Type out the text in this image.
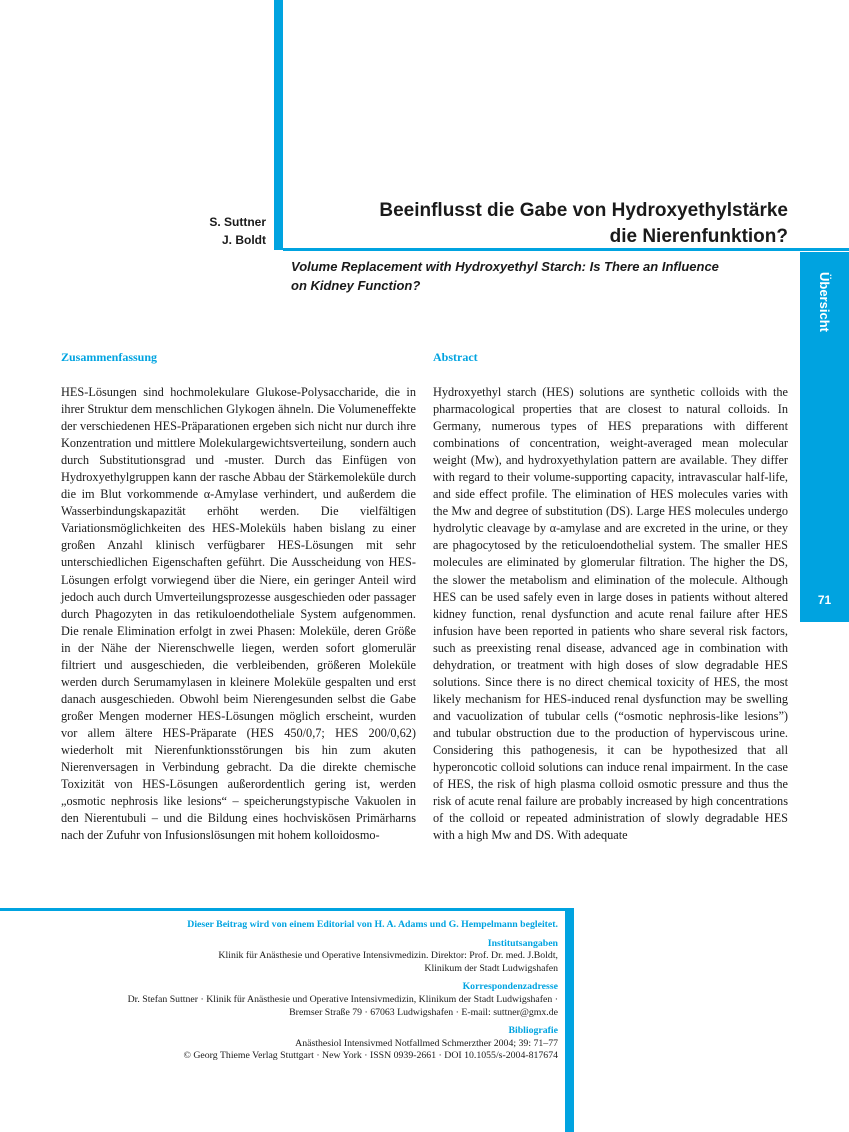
S. Suttner
J. Boldt
Beeinflusst die Gabe von Hydroxyethylstärke
die Nierenfunktion?
Volume Replacement with Hydroxyethyl Starch: Is There an Influence
on Kidney Function?	Übersicht
71
Zusammenfassung	Abstract

HES-Lösungen sind hochmolekulare Glukose-Polysaccharide, die in ihrer Struktur dem menschlichen Glykogen ähneln. Die Volumeneffekte der verschiedenen HES-Präparationen ergeben sich nicht nur durch ihre Konzentration und mittlere Molekulargewichtsverteilung, sondern auch durch Substitutionsgrad und -muster. Durch das Einfügen von Hydroxyethylgruppen kann der rasche Abbau der Stärkemoleküle durch die im Blut vorkommende α-Amylase verhindert, und außerdem die Wasserbindungskapazität erhöht werden. Die vielfältigen Variationsmöglichkeiten des HES-Moleküls haben bislang zu einer großen Anzahl klinisch verfügbarer HES-Lösungen mit sehr unterschiedlichen Eigenschaften geführt. Die Ausscheidung von HES-Lösungen erfolgt vorwiegend über die Niere, ein geringer Anteil wird jedoch auch durch Umverteilungsprozesse ausgeschieden oder passager durch Phagozyten in das retikuloendotheliale System aufgenommen. Die renale Elimination erfolgt in zwei Phasen: Moleküle, deren Größe in der Nähe der Nierenschwelle liegen, werden sofort glomerulär filtriert und ausgeschieden, die verbleibenden, größeren Moleküle werden durch Serumamylasen in kleinere Moleküle gespalten und erst danach ausgeschieden. Obwohl beim Nierengesunden selbst die Gabe großer Mengen moderner HES-Lösungen möglich erscheint, wurden vor allem ältere HES-Präparate (HES 450/0,7; HES 200/0,62) wiederholt mit Nierenfunktionsstörungen bis hin zum akuten Nierenversagen in Verbindung gebracht. Da die direkte chemische Toxizität von HES-Lösungen außerordentlich gering ist, werden „osmotic nephrosis like lesions“ – speicherungstypische Vakuolen in den Nierentubuli – und die Bildung eines hochviskösen Primärharns nach der Zufuhr von Infusionslösungen mit hohem kolloidosmo-

Hydroxyethyl starch (HES) solutions are synthetic colloids with the pharmacological properties that are closest to natural colloids. In Germany, numerous types of HES preparations with different combinations of concentration, weight-averaged mean molecular weight (Mw), and hydroxyethylation pattern are available. They differ with regard to their volume-supporting capacity, intravascular half-life, and side effect profile. The elimination of HES molecules varies with the Mw and degree of substitution (DS). Large HES molecules undergo hydrolytic cleavage by α-amylase and are excreted in the urine, or they are phagocytosed by the reticuloendothelial system. The smaller HES molecules are eliminated by glomerular filtration. The higher the DS, the slower the metabolism and elimination of the molecule. Although HES can be used safely even in large doses in patients without altered kidney function, renal dysfunction and acute renal failure after HES infusion have been reported in patients who share several risk factors, such as preexisting renal disease, advanced age in combination with dehydration, or treatment with high doses of slow degradable HES solutions. Since there is no direct chemical toxicity of HES, the most likely mechanism for HES-induced renal dysfunction may be swelling and vacuolization of tubular cells (“osmotic nephrosis-like lesions”) and tubular obstruction due to the production of hyperviscous urine. Considering this pathogenesis, it can be hypothesized that all hyperoncotic colloid solutions can induce renal impairment. In the case of HES, the risk of high plasma colloid osmotic pressure and thus the risk of acute renal failure are probably increased by high concentrations of the colloid or repeated administration of slowly degradable HES with a high Mw and DS. With adequate

Dieser Beitrag wird von einem Editorial von H. A. Adams und G. Hempelmann begleitet.
Institutsangaben
Klinik für Anästhesie und Operative Intensivmedizin. Direktor: Prof. Dr. med. J.Boldt,
Klinikum der Stadt Ludwigshafen
Korrespondenzadresse
Dr. Stefan Suttner · Klinik für Anästhesie und Operative Intensivmedizin, Klinikum der Stadt Ludwigshafen ·
Bremser Straße 79 · 67063 Ludwigshafen · E-mail: suttner@gmx.de
Bibliografie
Anästhesiol Intensivmed Notfallmed Schmerzther 2004; 39: 71–77
© Georg Thieme Verlag Stuttgart · New York · ISSN 0939-2661 · DOI 10.1055/s-2004-817674
